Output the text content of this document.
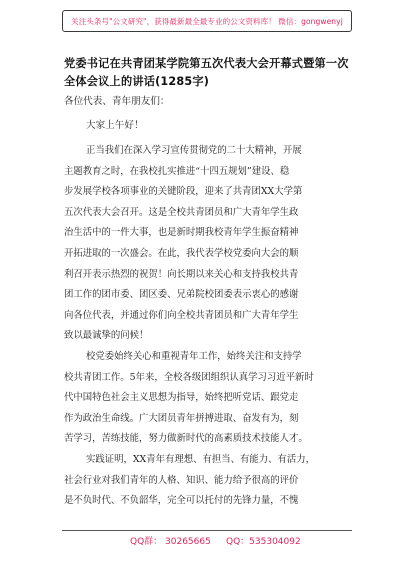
关注头条号"公文研究"，获得最新最全最专业的公文资料库！ 微信：gongwenyj
党委书记在共青团某学院第五次代表大会开幕式暨第一次
全体会议上的讲话(1285字)

各位代表、青年朋友们：

大家上午好！

正当我们在深入学习宣传贯彻党的二十大精神，开展
主题教育之时，在我校扎实推进“十四五规划”建设、稳
步发展学校各项事业的关键阶段，迎来了共青团XX大学第
五次代表大会召开。这是全校共青团员和广大青年学生政
治生活中的一件大事，也是新时期我校青年学生振奋精神
开拓进取的一次盛会。在此，我代表学校党委向大会的顺
利召开表示热烈的祝贺！向长期以来关心和支持我校共青
团工作的团市委、团区委、兄弟院校团委表示衷心的感谢
向各位代表，并通过你们向全校共青团员和广大青年学生
致以最诚挚的问候！

校党委始终关心和重视青年工作，始终关注和支持学
校共青团工作。5年来，全校各级团组织认真学习习近平新时
代中国特色社会主义思想为指导，始终把听党话、跟党走
作为政治生命线。广大团员青年拼搏进取、奋发有为，刻
苦学习，苦练技能，努力做新时代的高素质技术技能人才。

实践证明，XX青年有理想、有担当、有能力、有活力，
社会行业对我们青年的人格、知识、能力给予很高的评价
是不负时代、不负韶华，完全可以托付的先锋力量，不愧

QQ群： 30265665 QQ：535304092
